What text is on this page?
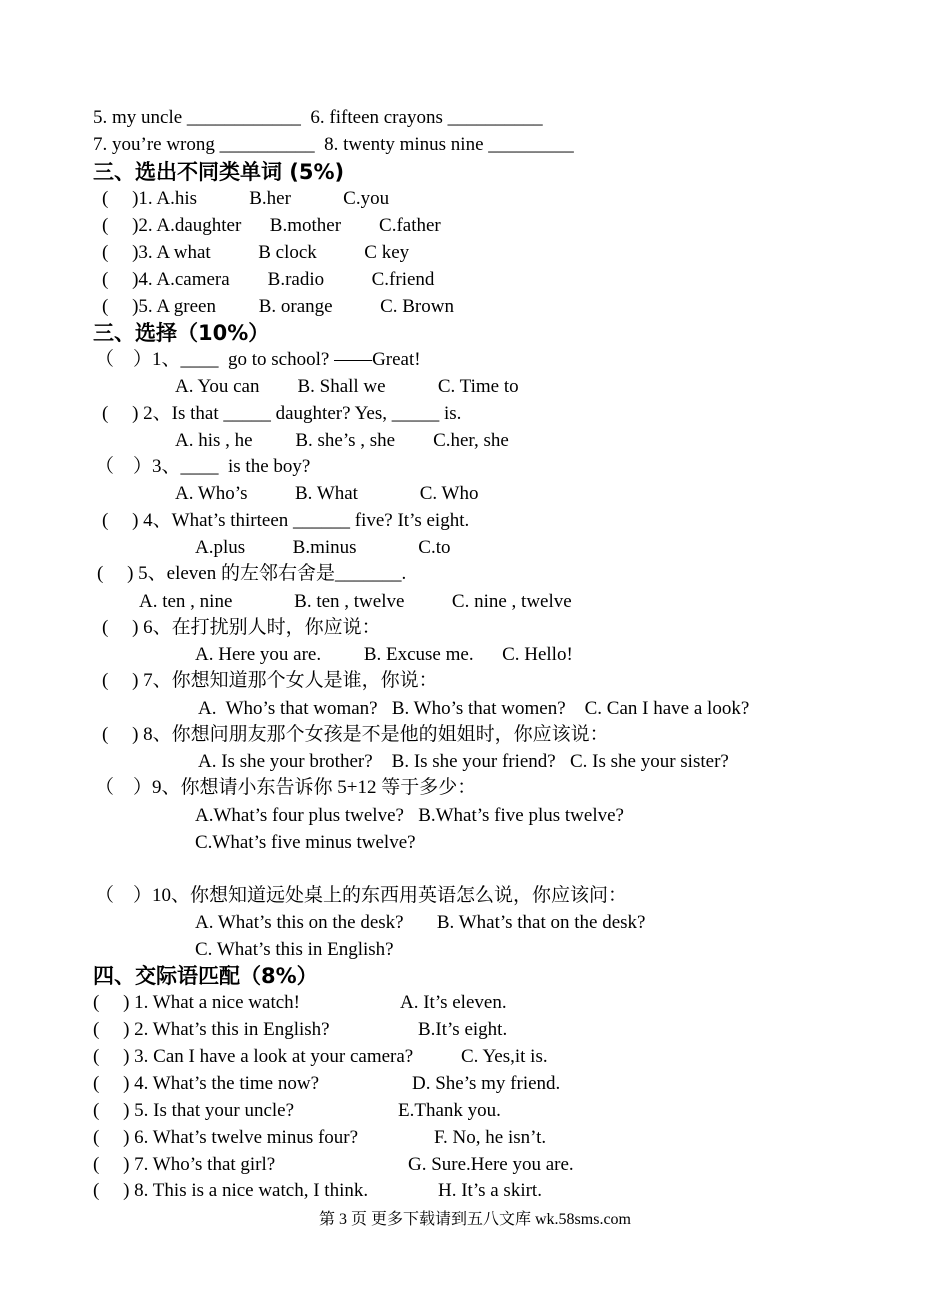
5. my uncle ____________  6. fifteen crayons __________
7. you’re wrong __________  8. twenty minus nine _________
三、选出不同类单词 (5%)
(     )1. A.his           B.her           C.you
(     )2. A.daughter      B.mother        C.father
(     )3. A what          B clock          C key
(     )4. A.camera        B.radio          C.friend
(     )5. A green         B. orange          C. Brown
三、选择（10%）
（    ）1、____  go to school? ——Great!
A. You can        B. Shall we           C. Time to
(     ) 2、Is that _____ daughter? Yes, _____ is.
A. his , he         B. she’s , she        C.her, she
（    ）3、____  is the boy?
A. Who’s          B. What             C. Who
(     ) 4、What’s thirteen ______ five? It’s eight.
A.plus          B.minus             C.to
(     ) 5、eleven 的左邻右舍是_______.
A. ten , nine             B. ten , twelve          C. nine , twelve
(     ) 6、在打扰别人时，你应说：
A. Here you are.         B. Excuse me.      C. Hello!
(     ) 7、你想知道那个女人是谁，你说：
A.  Who’s that woman?   B. Who’s that women?    C. Can I have a look?
(     ) 8、你想问朋友那个女孩是不是他的姐姐时，你应该说：
A. Is she your brother?    B. Is she your friend?   C. Is she your sister?
（    ）9、你想请小东告诉你 5+12 等于多少：
A.What’s four plus twelve?   B.What’s five plus twelve?
C.What’s five minus twelve?
（    ）10、你想知道远处桌上的东西用英语怎么说，你应该问：
A. What’s this on the desk?       B. What’s that on the desk?
C. What’s this in English?
四、交际语匹配（8%）
(     ) 1. What a nice watch!	A. It’s eleven.
(     ) 2. What’s this in English?	B.It’s eight.
(     ) 3. Can I have a look at your camera?	C. Yes,it is.
(     ) 4. What’s the time now?	D. She’s my friend.
(     ) 5. Is that your uncle?	E.Thank you.
(     ) 6. What’s twelve minus four?	F. No, he isn’t.
(     ) 7. Who’s that girl?	G. Sure.Here you are.
(     ) 8. This is a nice watch, I think.	H. It’s a skirt.
第 3 页 更多下载请到五八文库 wk.58sms.com
